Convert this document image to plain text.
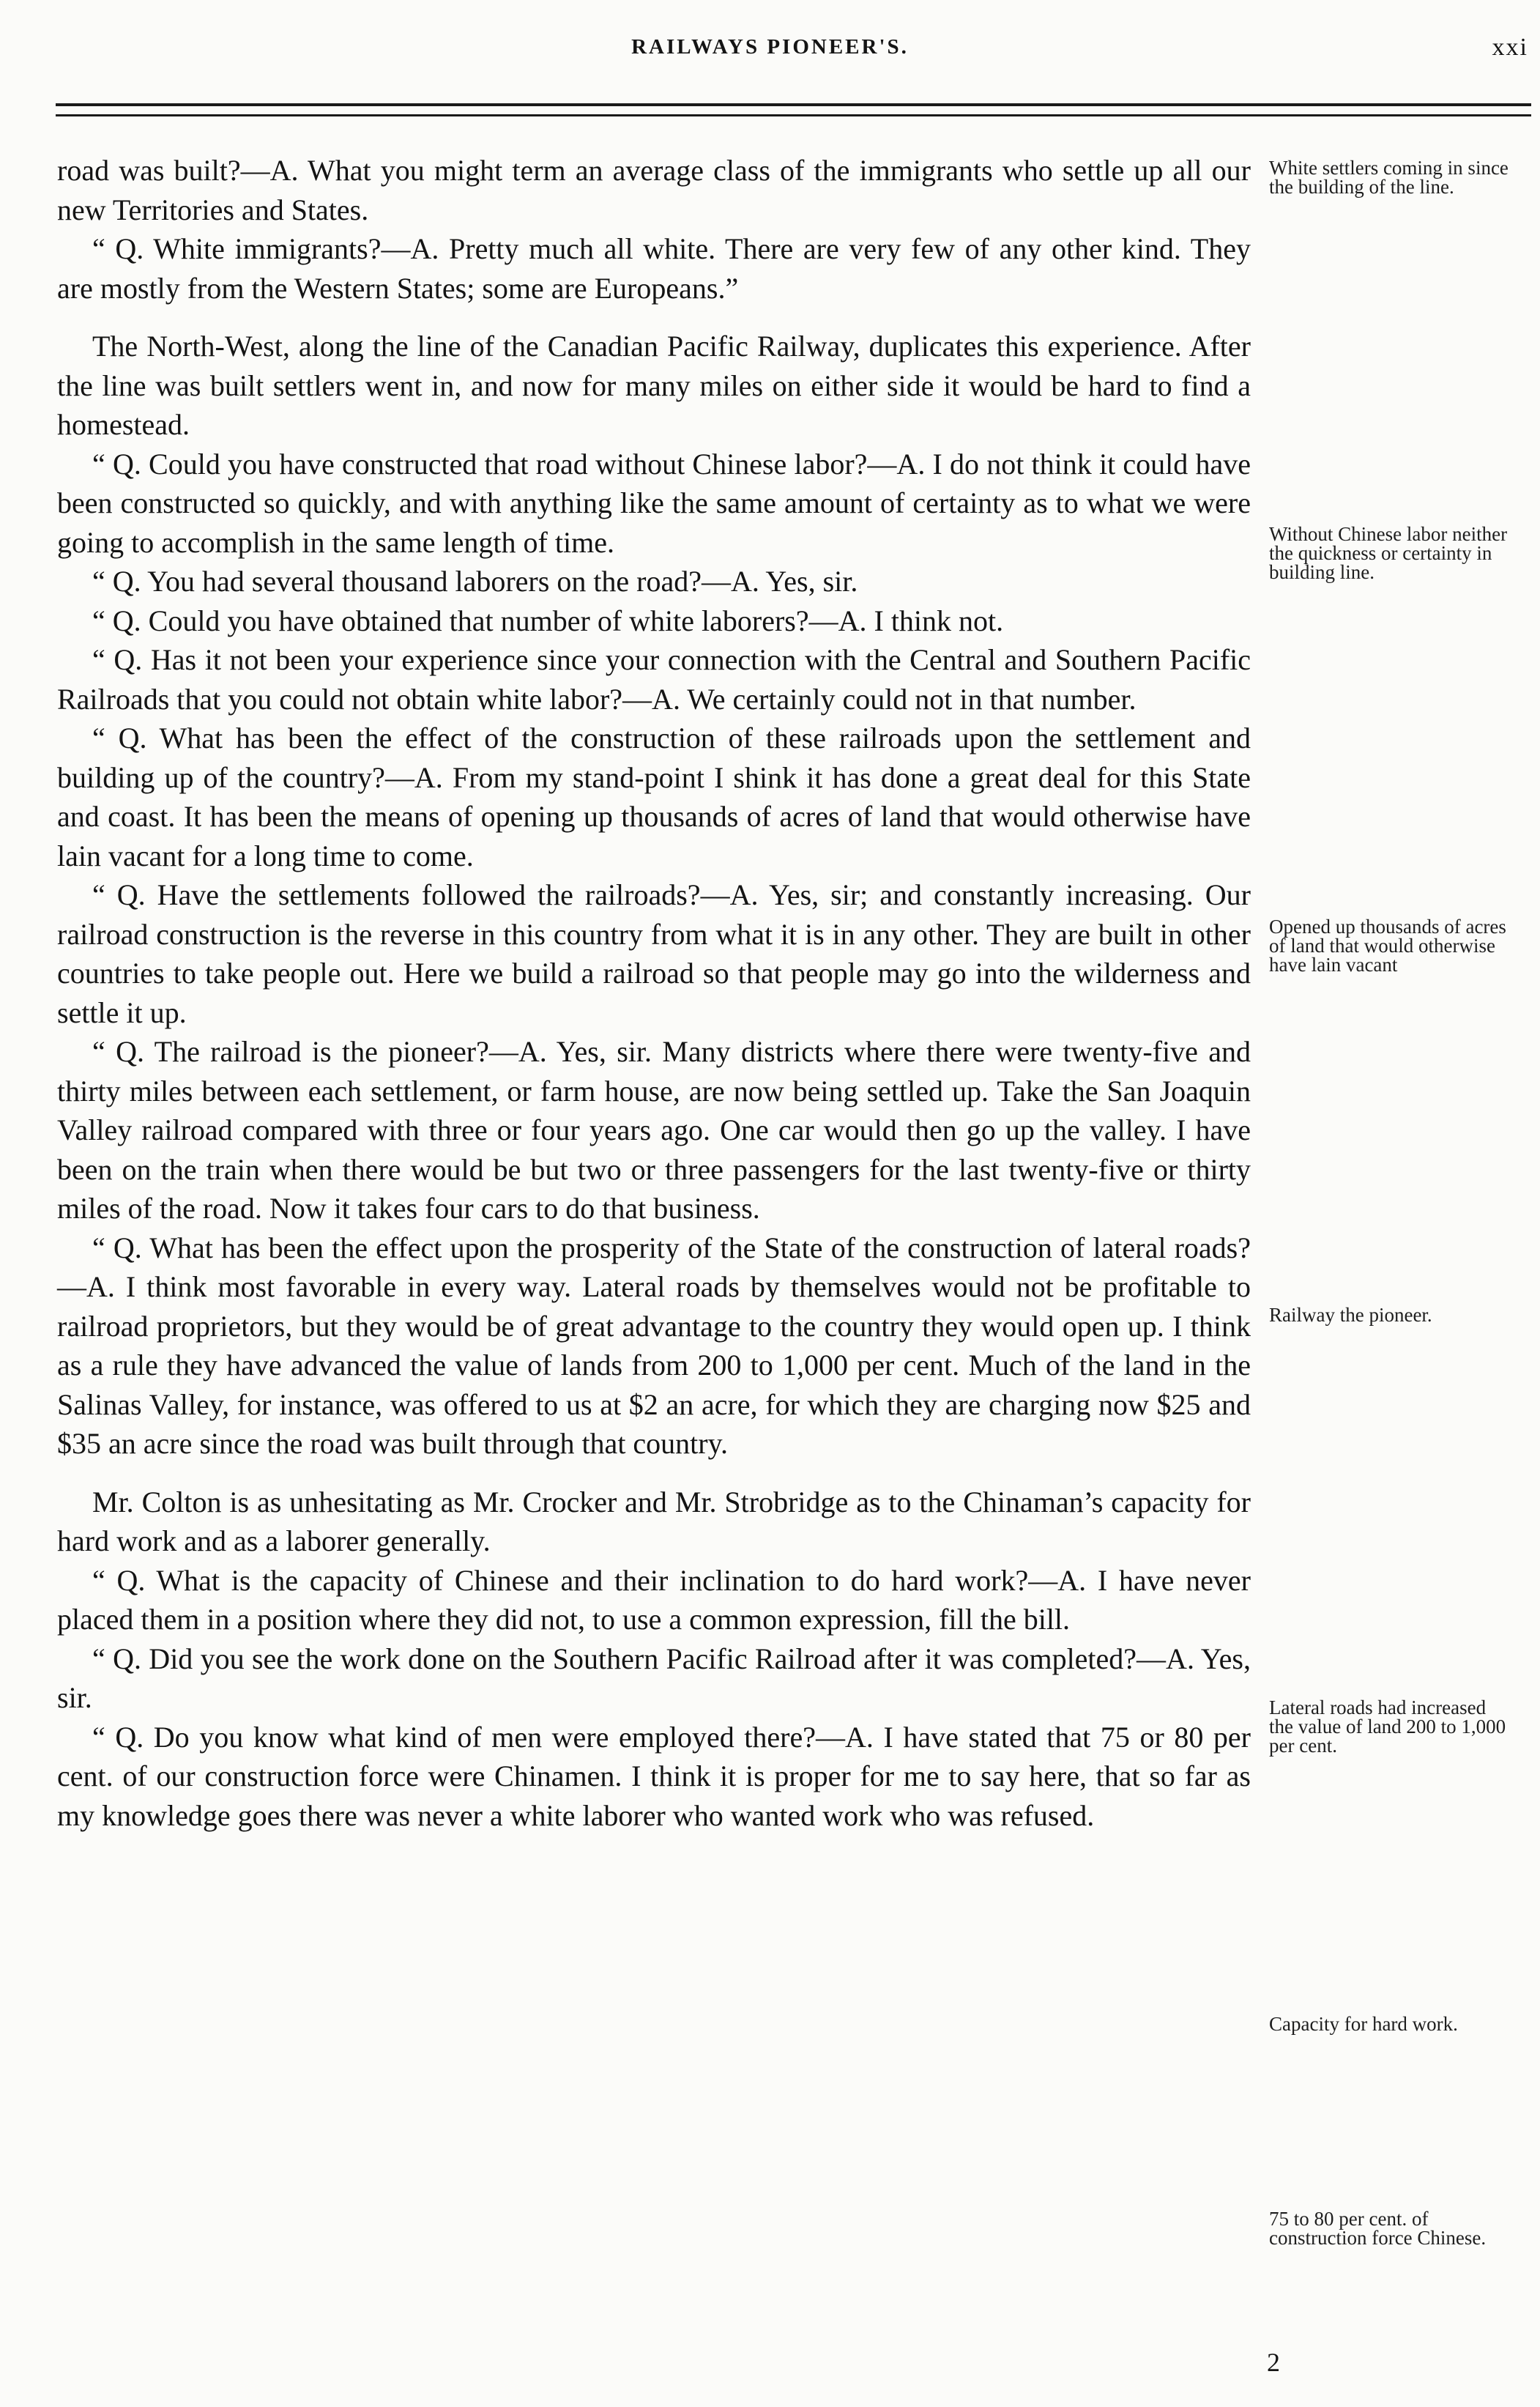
RAILWAYS PIONEER'S.	xxi

road was built?—A. What you might term an average class of the immigrants who settle up all our new Territories and States.

“ Q. White immigrants?—A. Pretty much all white. There are very few of any other kind. They are mostly from the Western States; some are Europeans.”

The North-West, along the line of the Canadian Pacific Railway, duplicates this experience. After the line was built settlers went in, and now for many miles on either side it would be hard to find a homestead.

“ Q. Could you have constructed that road without Chinese labor?—A. I do not think it could have been constructed so quickly, and with anything like the same amount of certainty as to what we were going to accomplish in the same length of time.

“ Q. You had several thousand laborers on the road?—A. Yes, sir.

“ Q. Could you have obtained that number of white laborers?—A. I think not.

“ Q. Has it not been your experience since your connection with the Central and Southern Pacific Railroads that you could not obtain white labor?—A. We certainly could not in that number.

“ Q. What has been the effect of the construction of these railroads upon the settlement and building up of the country?—A. From my stand-point I shink it has done a great deal for this State and coast. It has been the means of opening up thousands of acres of land that would otherwise have lain vacant for a long time to come.

“ Q. Have the settlements followed the railroads?—A. Yes, sir; and constantly increasing. Our railroad construction is the reverse in this country from what it is in any other. They are built in other countries to take people out. Here we build a railroad so that people may go into the wilderness and settle it up.

“ Q. The railroad is the pioneer?—A. Yes, sir. Many districts where there were twenty-five and thirty miles between each settlement, or farm house, are now being settled up. Take the San Joaquin Valley railroad compared with three or four years ago. One car would then go up the valley. I have been on the train when there would be but two or three passengers for the last twenty-five or thirty miles of the road. Now it takes four cars to do that business.

“ Q. What has been the effect upon the prosperity of the State of the construction of lateral roads?—A. I think most favorable in every way. Lateral roads by themselves would not be profitable to railroad proprietors, but they would be of great advantage to the country they would open up. I think as a rule they have advanced the value of lands from 200 to 1,000 per cent. Much of the land in the Salinas Valley, for instance, was offered to us at $2 an acre, for which they are charging now $25 and $35 an acre since the road was built through that country.

Mr. Colton is as unhesitating as Mr. Crocker and Mr. Strobridge as to the Chinaman’s capacity for hard work and as a laborer generally.

“ Q. What is the capacity of Chinese and their inclination to do hard work?—A. I have never placed them in a position where they did not, to use a common expression, fill the bill.

“ Q. Did you see the work done on the Southern Pacific Railroad after it was completed?—A. Yes, sir.

“ Q. Do you know what kind of men were employed there?—A. I have stated that 75 or 80 per cent. of our construction force were Chinamen. I think it is proper for me to say here, that so far as my knowledge goes there was never a white laborer who wanted work who was refused.

White settlers coming in since the building of the line.
Without Chinese labor neither the quickness or certainty in building line.
Opened up thousands of acres of land that would otherwise have lain vacant
Railway the pioneer.
Lateral roads had increased the value of land 200 to 1,000 per cent.
Capacity for hard work.
75 to 80 per cent. of construction force Chinese.
2
